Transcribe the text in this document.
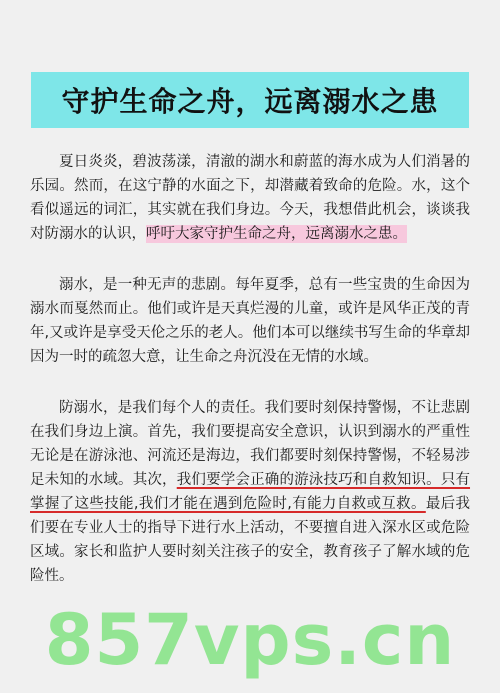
守护生命之舟，远离溺水之患

夏日炎炎，碧波荡漾，清澈的湖水和蔚蓝的海水成为人们消暑的乐园。然而，在这宁静的水面之下，却潜藏着致命的危险。水，这个看似遥远的词汇，其实就在我们身边。今天，我想借此机会，谈谈我对防溺水的认识，呼吁大家守护生命之舟，远离溺水之患。

溺水，是一种无声的悲剧。每年夏季，总有一些宝贵的生命因为溺水而戛然而止。他们或许是天真烂漫的儿童，或许是风华正茂的青年,又或许是享受天伦之乐的老人。他们本可以继续书写生命的华章却因为一时的疏忽大意，让生命之舟沉没在无情的水域。

防溺水，是我们每个人的责任。我们要时刻保持警惕，不让悲剧在我们身边上演。首先，我们要提高安全意识，认识到溺水的严重性无论是在游泳池、河流还是海边，我们都要时刻保持警惕，不轻易涉足未知的水域。其次，我们要学会正确的游泳技巧和自救知识。只有掌握了这些技能,我们才能在遇到危险时,有能力自救或互救。最后我们要在专业人士的指导下进行水上活动，不要擅自进入深水区或危险区域。家长和监护人要时刻关注孩子的安全，教育孩子了解水域的危险性。

857vps.cn
